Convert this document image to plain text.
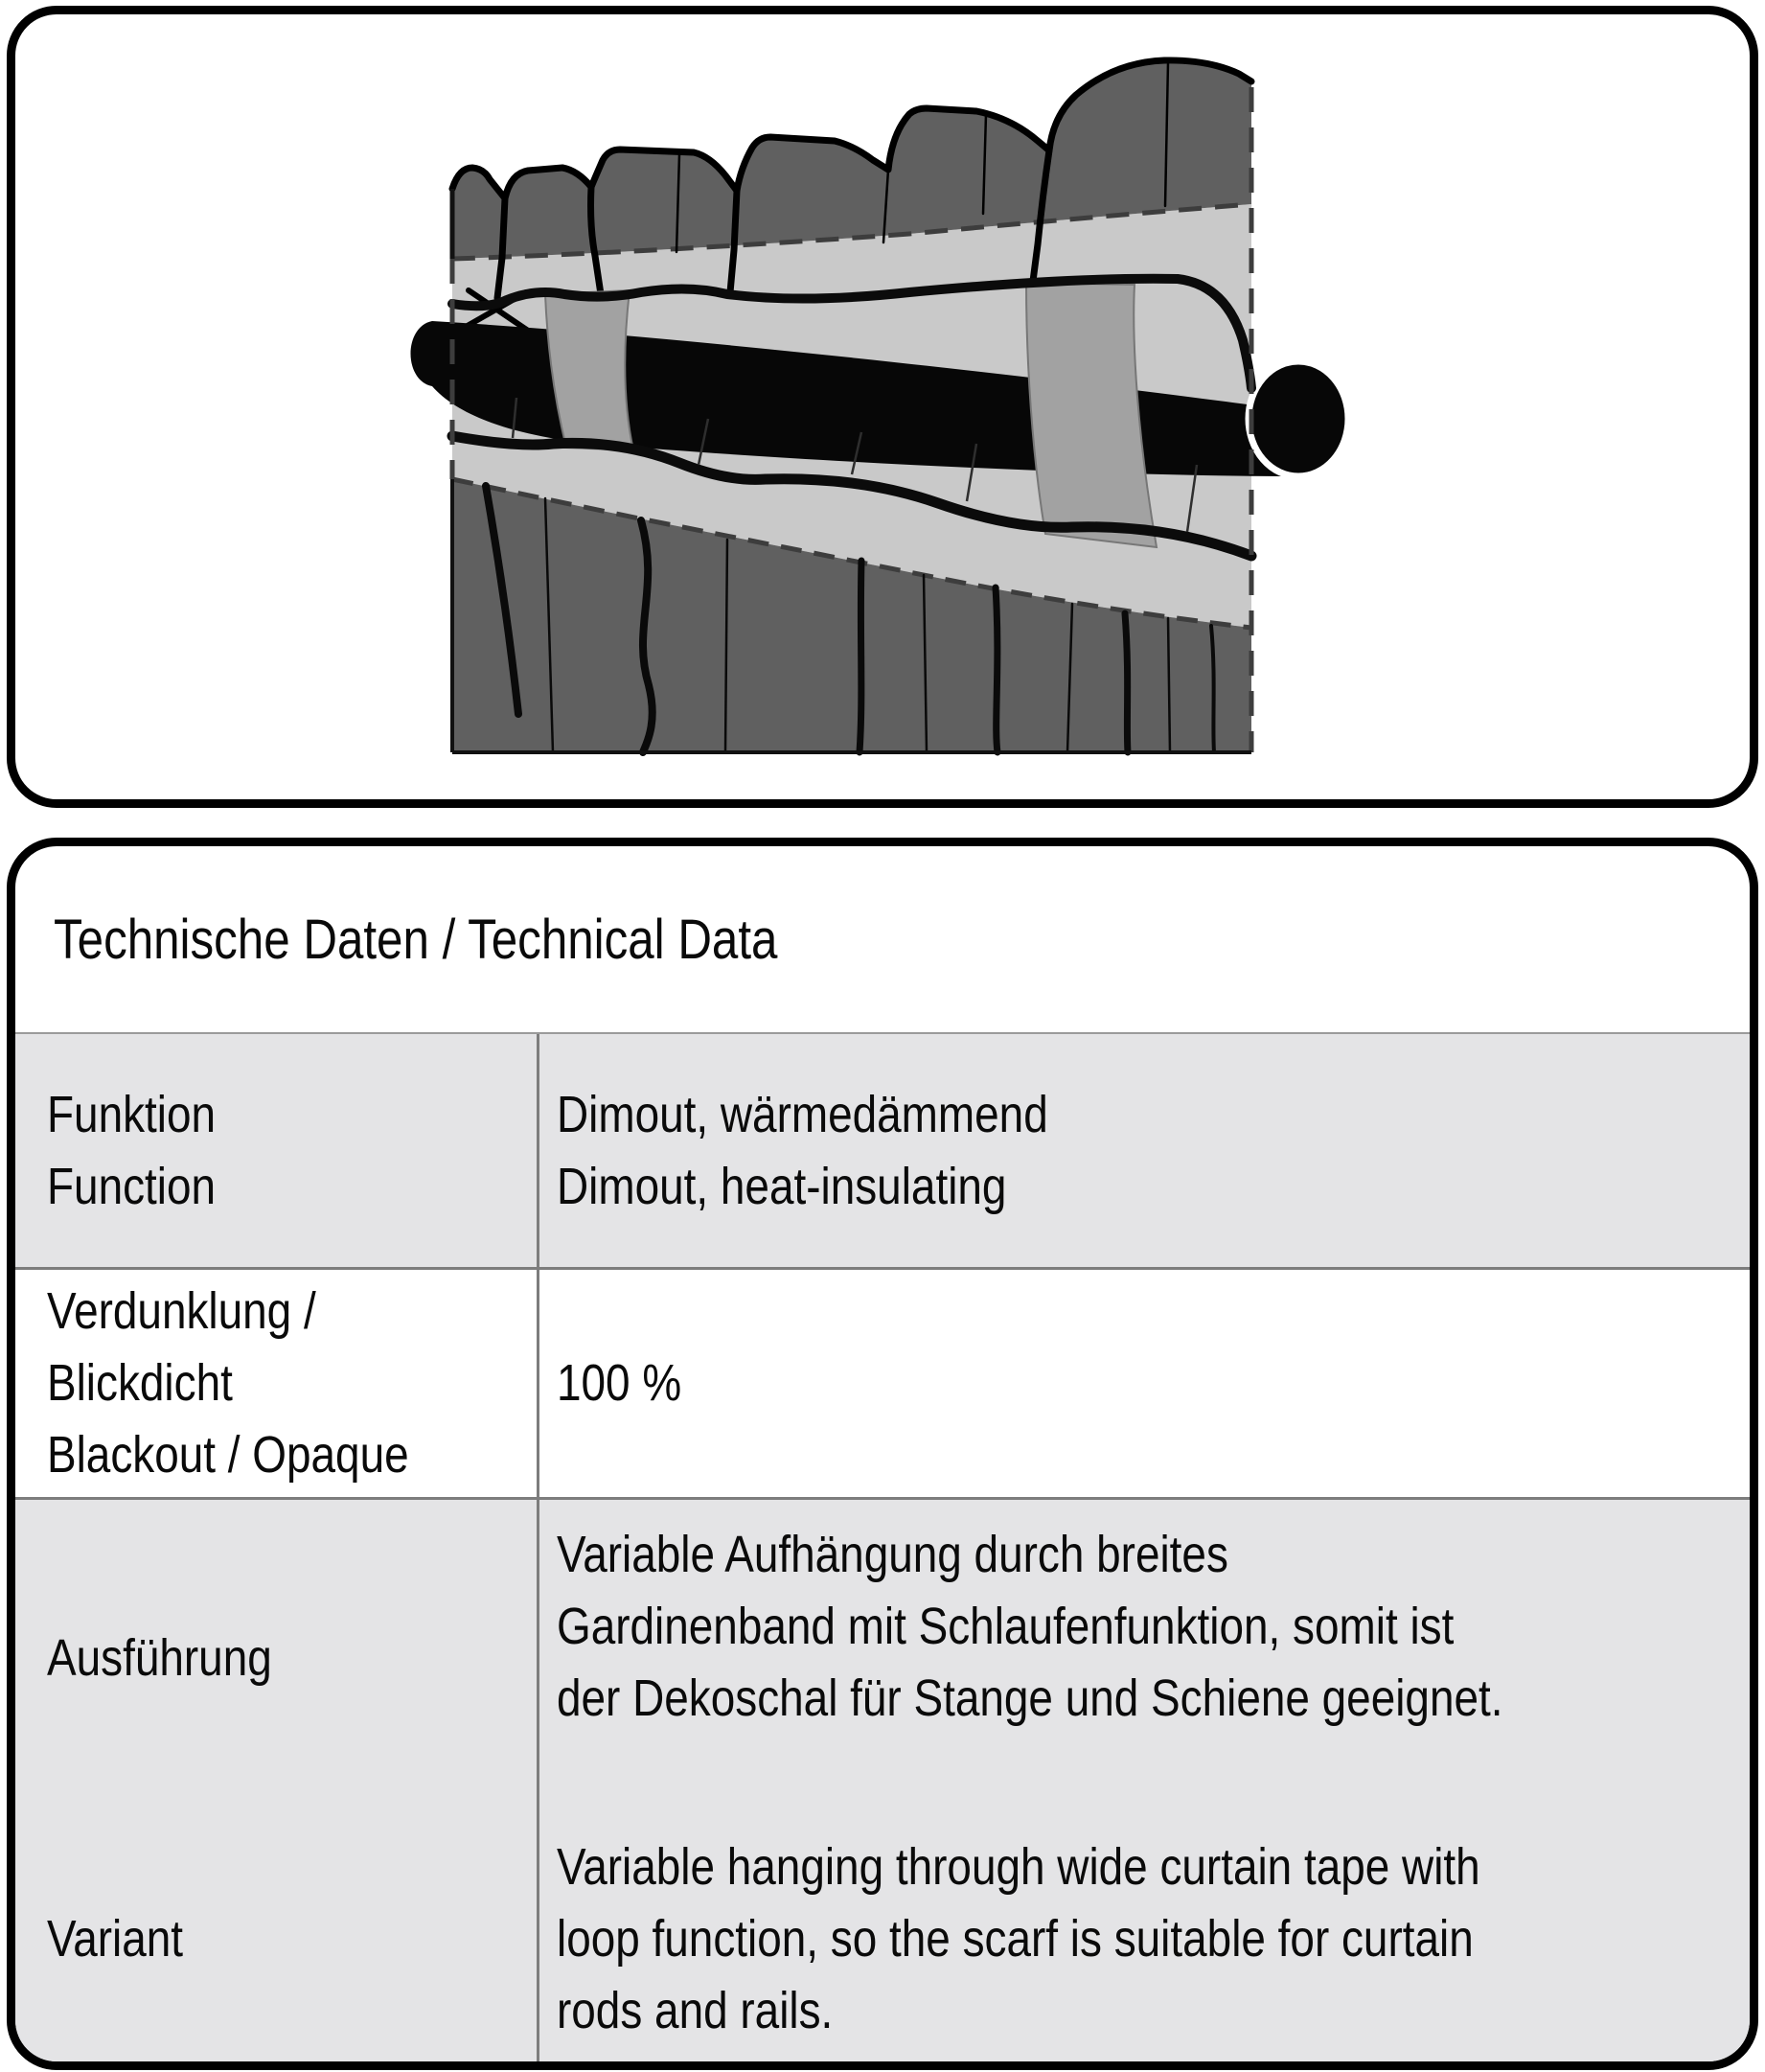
Technische Daten / Technical Data
Funktion
Function
Dimout, wärmedämmend
Dimout, heat-insulating
Verdunklung /
Blickdicht
Blackout / Opaque
100 %
Ausführung
Variable Aufhängung durch breites
Gardinenband mit Schlaufenfunktion, somit ist
der Dekoschal für Stange und Schiene geeignet.
Variant
Variable hanging through wide curtain tape with
loop function, so the scarf is suitable for curtain
rods and rails.
